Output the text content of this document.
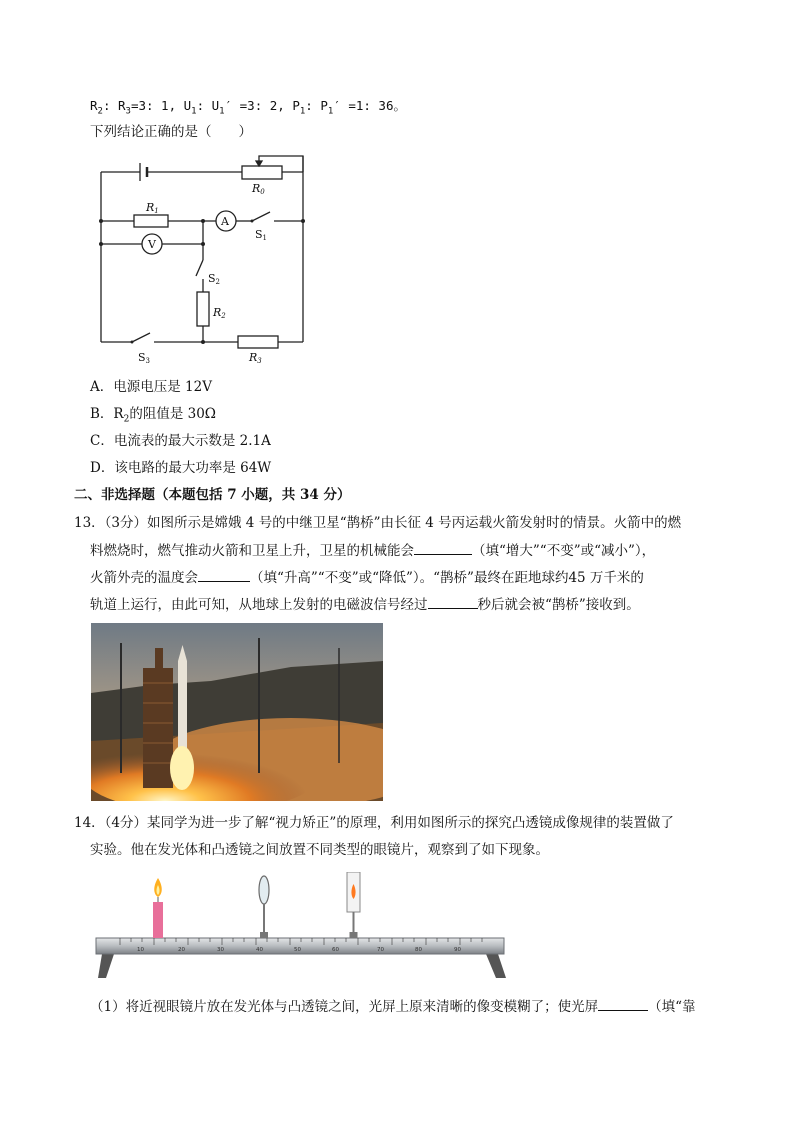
$R_2$: $R_3=3$: 1, $U_1$: $U_1' =3$: 2, $P_1$: $P_1' =1$: 36。
下列结论正确的是（　　）
R0
R1
A
V
S1
S2
R2
S3	R3
A．电源电压是 12V
B．$R_2$的阻值是 30Ω
C．电流表的最大示数是 2.1A
D．该电路的最大功率是 64W
二、非选择题（本题包括 7 小题，共 34 分）
13．（3分）如图所示是嫦娥 4 号的中继卫星“鹊桥”由长征 4 号丙运载火箭发射时的情景。火箭中的燃
料燃烧时，燃气推动火箭和卫星上升，卫星的机械能会	（填“增大”“不变”或“减小”），
火箭外壳的温度会	（填“升高”“不变”或“降低”）。“鹊桥”最终在距地球约45 万千米的
轨道上运行，由此可知，从地球上发射的电磁波信号经过	秒后就会被“鹊桥”接收到。
14．（4分）某同学为进一步了解“视力矫正”的原理，利用如图所示的探究凸透镜成像规律的装置做了
实验。他在发光体和凸透镜之间放置不同类型的眼镜片，观察到了如下现象。
10	20	30	40	50	60	70	80	90
（1）将近视眼镜片放在发光体与凸透镜之间，光屏上原来清晰的像变模糊了；使光屏	（填“靠
